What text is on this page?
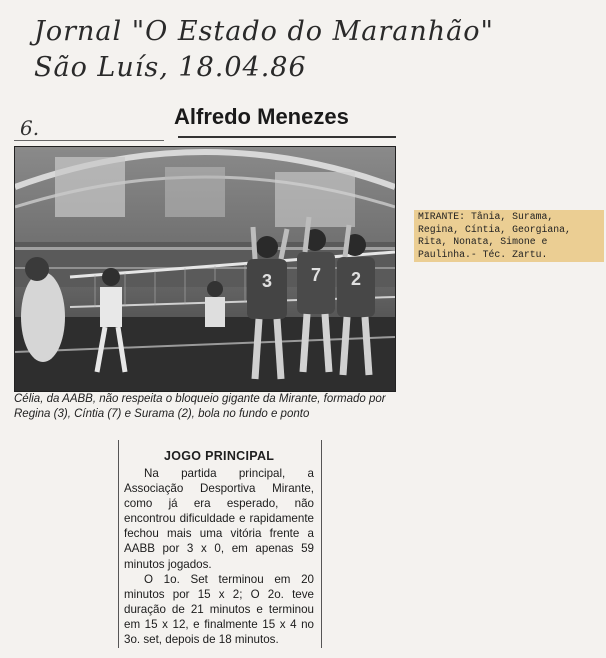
Jornal "O Estado do Maranhão"
São Luís, 18.04.86
6.	Alfredo Menezes
3 7 2
Célia, da AABB, não respeita o bloqueio gigante da Mirante, formado por Regina (3), Cíntia (7) e Surama (2), bola no fundo e ponto
MIRANTE: Tânia, Surama, Regina, Cíntia, Georgiana, Rita, Nonata, Simone e Paulinha.- Téc. Zartu.
JOGO PRINCIPAL

Na partida principal, a Associação Desportiva Mirante, como já era esperado, não encontrou dificuldade e rapidamente fechou mais uma vitória frente a AABB por 3 x 0, em apenas 59 minutos jogados.

O 1o. Set terminou em 20 minutos por 15 x 2; O 2o. teve duração de 21 minutos e terminou em 15 x 12, e finalmente 15 x 4 no 3o. set, depois de 18 minutos.
